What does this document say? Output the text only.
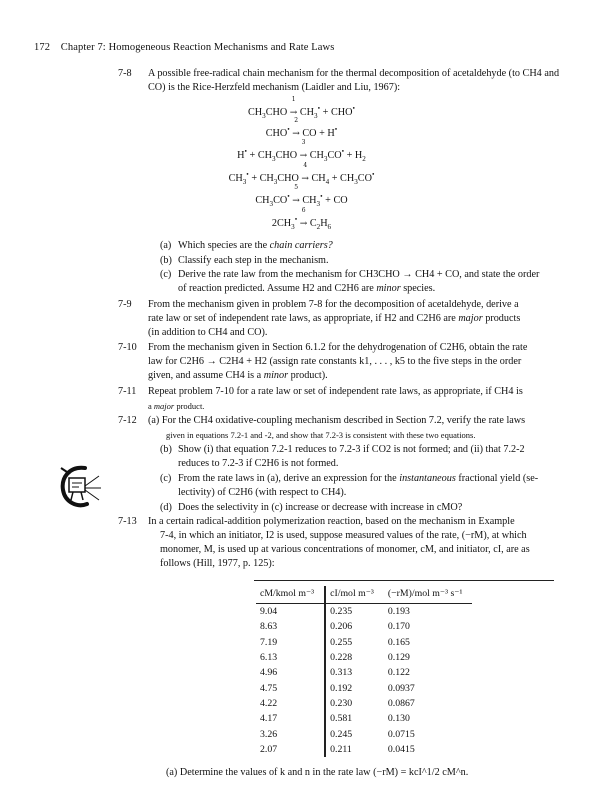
172 Chapter 7: Homogeneous Reaction Mechanisms and Rate Laws
7-8 A possible free-radical chain mechanism for the thermal decomposition of acetaldehyde (to CH4 and CO) is the Rice-Herzfeld mechanism (Laidler and Liu, 1967):
$CH_3CHO$
1
→ $CH_3^• + CHO^•$
CHO•
2
→ CO + H•
$H^• + CH_3CHO$
3
→ $CH_3CO^• + H_2$
$CH_3^• + CH_3CHO$
4
→ $CH_4 + CH_3CO^•$
$CH_3CO^•$
5
→ $CH_3^•$ + CO
$2CH_3^•$
6
→ $C_2H_6$
(a) Which species are the chain carriers?
(b) Classify each step in the mechanism.
(c) Derive the rate law from the mechanism for CH3CHO → CH4 + CO, and state the order
of reaction predicted. Assume H2 and C2H6 are minor species.
7-9 From the mechanism given in problem 7-8 for the decomposition of acetaldehyde, derive a
rate law or set of independent rate laws, as appropriate, if H2 and C2H6 are major products
(in addition to CH4 and CO).
7-10 From the mechanism given in Section 6.1.2 for the dehydrogenation of C2H6, obtain the rate
law for C2H6 → C2H4 + H2 (assign rate constants k1, . . . , k5 to the five steps in the order
given, and assume CH4 is a minor product).
7-11 Repeat problem 7-10 for a rate law or set of independent rate laws, as appropriate, if CH4 is
a major product.
7-12 (a) For the CH4 oxidative-coupling mechanism described in Section 7.2, verify the rate laws
given in equations 7.2-1 and -2, and show that 7.2-3 is consistent with these two equations.
(b) Show (i) that equation 7.2-1 reduces to 7.2-3 if CO2 is not formed; and (ii) that 7.2-2
reduces to 7.2-3 if C2H6 is not formed.
(c) From the rate laws in (a), derive an expression for the instantaneous fractional yield (se-
lectivity) of C2H6 (with respect to CH4).
(d) Does the selectivity in (c) increase or decrease with increase in cMO?
7-13 In a certain radical-addition polymerization reaction, based on the mechanism in Example
7-4, in which an initiator, I2 is used, suppose measured values of the rate, (−rM), at which
monomer, M, is used up at various concentrations of monomer, cM, and initiator, cI, are as
follows (Hill, 1977, p. 125):
cM/kmol m⁻³		cI/mol m⁻³	(−rM)/mol m⁻³ s⁻¹
9.04		0.235	0.193
8.63		0.206	0.170
7.19		0.255	0.165
6.13		0.228	0.129
4.96		0.313	0.122
4.75		0.192	0.0937
4.22		0.230	0.0867
4.17		0.581	0.130
3.26		0.245	0.0715
2.07		0.211	0.0415
(a) Determine the values of k and n in the rate law (−rM) = kcI^1/2 cM^n.
